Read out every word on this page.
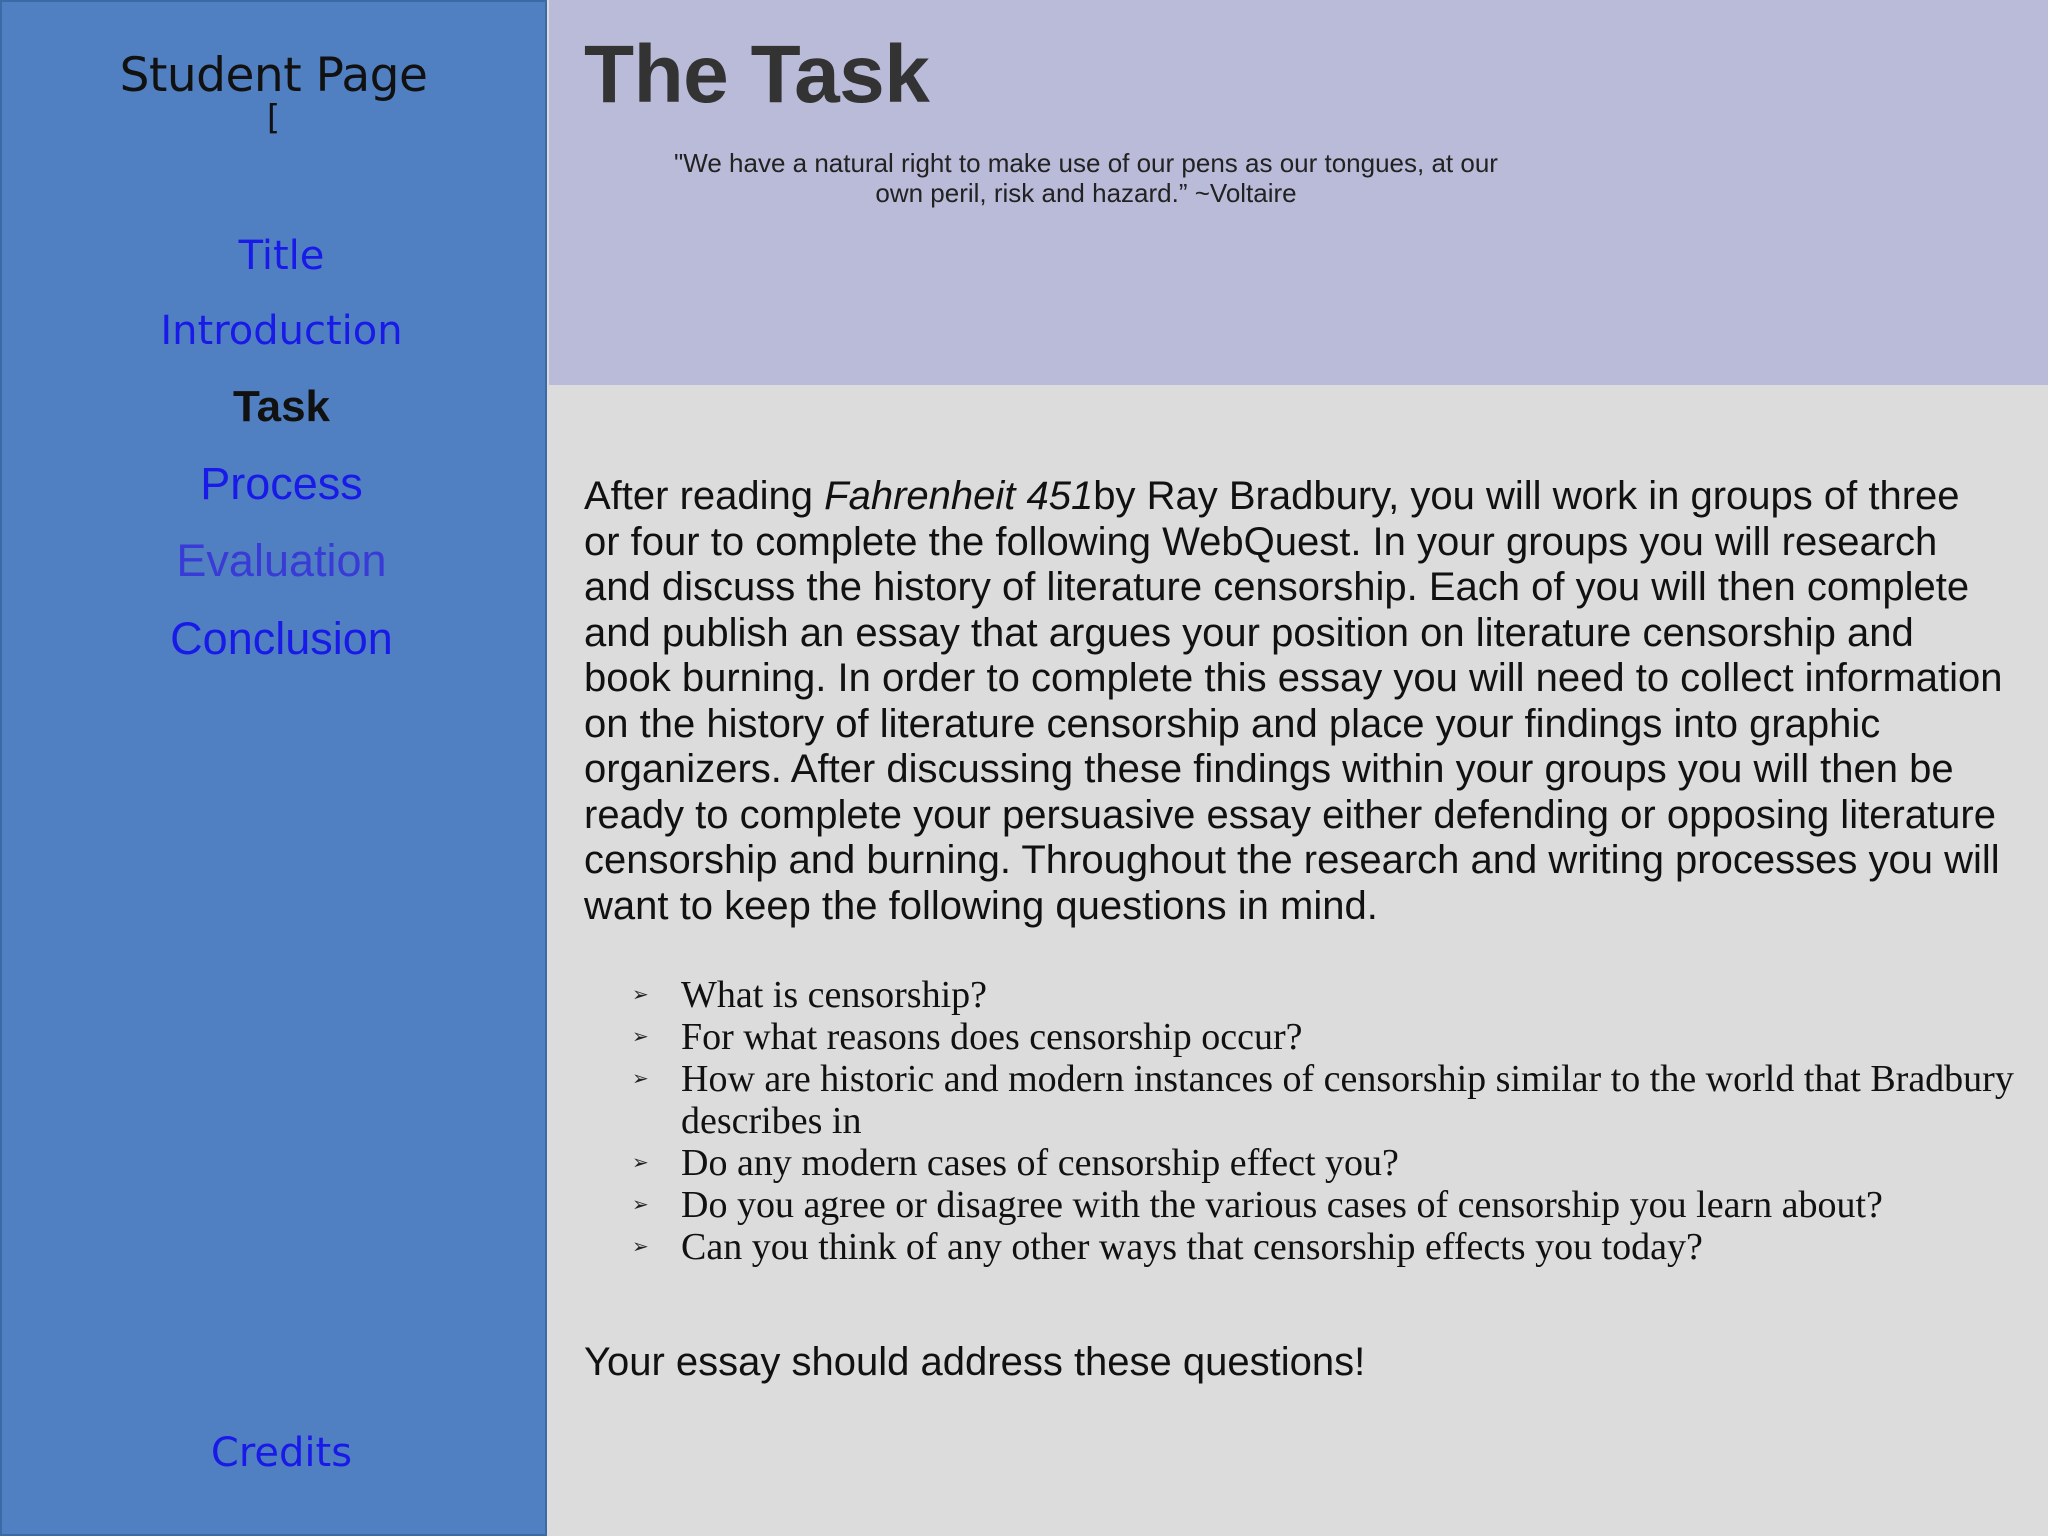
Student Page
[
Title
Introduction
Task
Process
Evaluation
Conclusion
Credits
The Task
"We have a natural right to make use of our pens as our tongues, at our
own peril, risk and hazard.” ~Voltaire

After reading Fahrenheit 451by Ray Bradbury, you will work in groups of three or four to complete the following WebQuest. In your groups you will research and discuss the history of literature censorship. Each of you will then complete and publish an essay that argues your position on literature censorship and book burning. In order to complete this essay you will need to collect information on the history of literature censorship and place your findings into graphic organizers. After discussing these findings within your groups you will then be ready to complete your persuasive essay either defending or opposing literature censorship and burning. Throughout the research and writing processes you will want to keep the following questions in mind.

➢ What is censorship?
➢ For what reasons does censorship occur?
➢ How are historic and modern instances of censorship similar to the world that Bradbury describes in
➢ Do any modern cases of censorship effect you?
➢ Do you agree or disagree with the various cases of censorship you learn about?
➢ Can you think of any other ways that censorship effects you today?
Your essay should address these questions!
